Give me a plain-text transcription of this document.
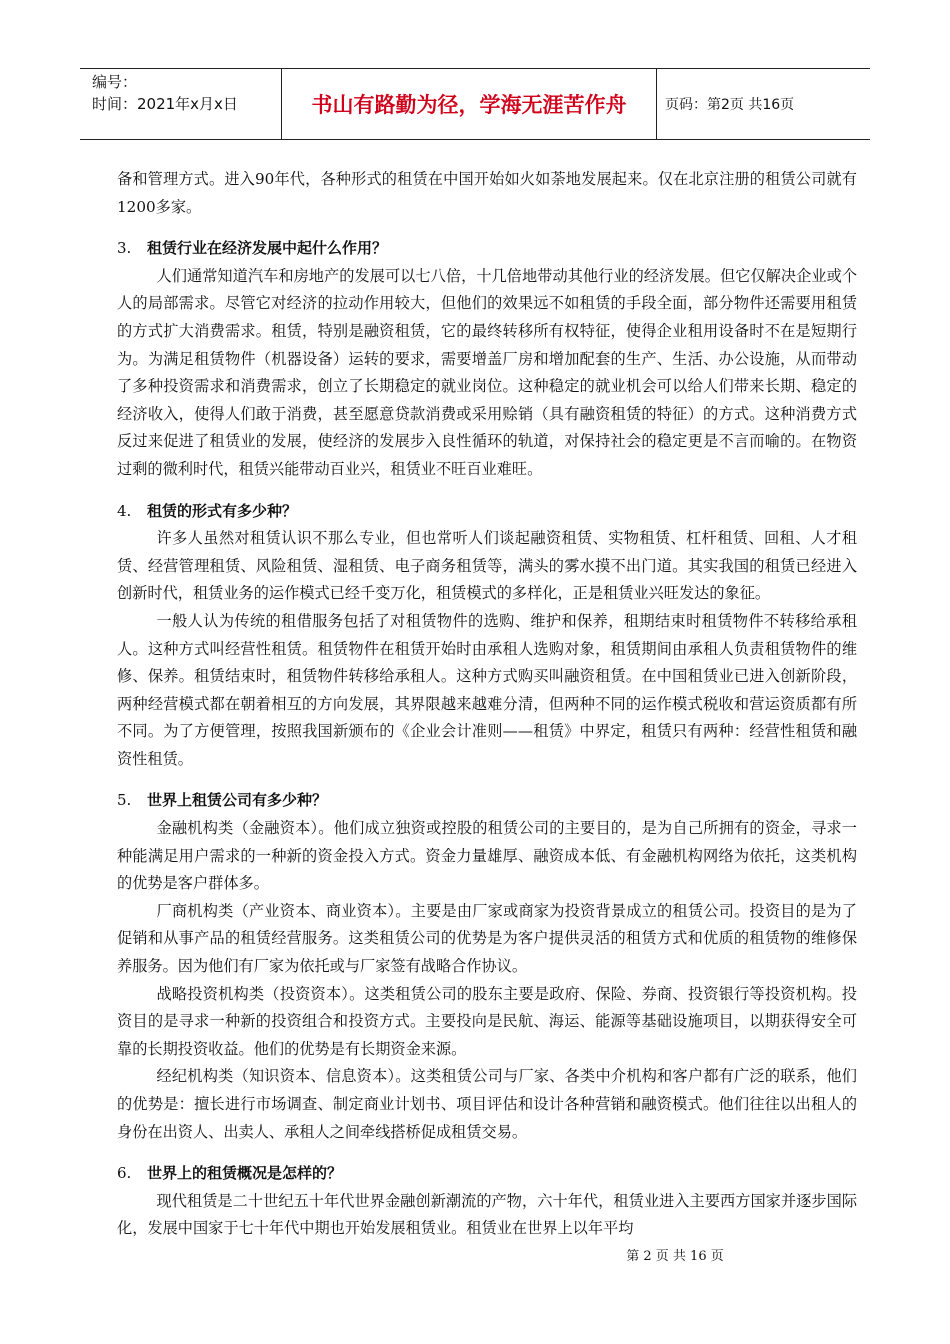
编号：
时间：2021年x月x日	书山有路勤为径，学海无涯苦作舟	页码：第2页 共16页

备和管理方式。进入90年代，各种形式的租赁在中国开始如火如荼地发展起来。仅在北京注册的租赁公司就有1200多家。

3.	租赁行业在经济发展中起什么作用？

人们通常知道汽车和房地产的发展可以七八倍，十几倍地带动其他行业的经济发展。但它仅解决企业或个人的局部需求。尽管它对经济的拉动作用较大，但他们的效果远不如租赁的手段全面，部分物件还需要用租赁的方式扩大消费需求。租赁，特别是融资租赁，它的最终转移所有权特征，使得企业租用设备时不在是短期行为。为满足租赁物件（机器设备）运转的要求，需要增盖厂房和增加配套的生产、生活、办公设施，从而带动了多种投资需求和消费需求，创立了长期稳定的就业岗位。这种稳定的就业机会可以给人们带来长期、稳定的经济收入，使得人们敢于消费，甚至愿意贷款消费或采用赊销（具有融资租赁的特征）的方式。这种消费方式反过来促进了租赁业的发展，使经济的发展步入良性循环的轨道，对保持社会的稳定更是不言而喻的。在物资过剩的微利时代，租赁兴能带动百业兴，租赁业不旺百业难旺。

4.	租赁的形式有多少种？

许多人虽然对租赁认识不那么专业，但也常听人们谈起融资租赁、实物租赁、杠杆租赁、回租、人才租赁、经营管理租赁、风险租赁、湿租赁、电子商务租赁等，满头的雾水摸不出门道。其实我国的租赁已经进入创新时代，租赁业务的运作模式已经千变万化，租赁模式的多样化，正是租赁业兴旺发达的象征。

一般人认为传统的租借服务包括了对租赁物件的选购、维护和保养，租期结束时租赁物件不转移给承租人。这种方式叫经营性租赁。租赁物件在租赁开始时由承租人选购对象，租赁期间由承租人负责租赁物件的维修、保养。租赁结束时，租赁物件转移给承租人。这种方式购买叫融资租赁。在中国租赁业已进入创新阶段，两种经营模式都在朝着相互的方向发展，其界限越来越难分清，但两种不同的运作模式税收和营运资质都有所不同。为了方便管理，按照我国新颁布的《企业会计准则——租赁》中界定，租赁只有两种：经营性租赁和融资性租赁。

5.	世界上租赁公司有多少种？

金融机构类（金融资本）。他们成立独资或控股的租赁公司的主要目的，是为自己所拥有的资金，寻求一种能满足用户需求的一种新的资金投入方式。资金力量雄厚、融资成本低、有金融机构网络为依托，这类机构的优势是客户群体多。

厂商机构类（产业资本、商业资本）。主要是由厂家或商家为投资背景成立的租赁公司。投资目的是为了促销和从事产品的租赁经营服务。这类租赁公司的优势是为客户提供灵活的租赁方式和优质的租赁物的维修保养服务。因为他们有厂家为依托或与厂家签有战略合作协议。

战略投资机构类（投资资本）。这类租赁公司的股东主要是政府、保险、券商、投资银行等投资机构。投资目的是寻求一种新的投资组合和投资方式。主要投向是民航、海运、能源等基础设施项目，以期获得安全可靠的长期投资收益。他们的优势是有长期资金来源。

经纪机构类（知识资本、信息资本）。这类租赁公司与厂家、各类中介机构和客户都有广泛的联系，他们的优势是：擅长进行市场调查、制定商业计划书、项目评估和设计各种营销和融资模式。他们往往以出租人的身份在出资人、出卖人、承租人之间牵线搭桥促成租赁交易。

6.	世界上的租赁概况是怎样的？

现代租赁是二十世纪五十年代世界金融创新潮流的产物，六十年代，租赁业进入主要西方国家并逐步国际化，发展中国家于七十年代中期也开始发展租赁业。租赁业在世界上以年平均

第 2 页 共 16 页
